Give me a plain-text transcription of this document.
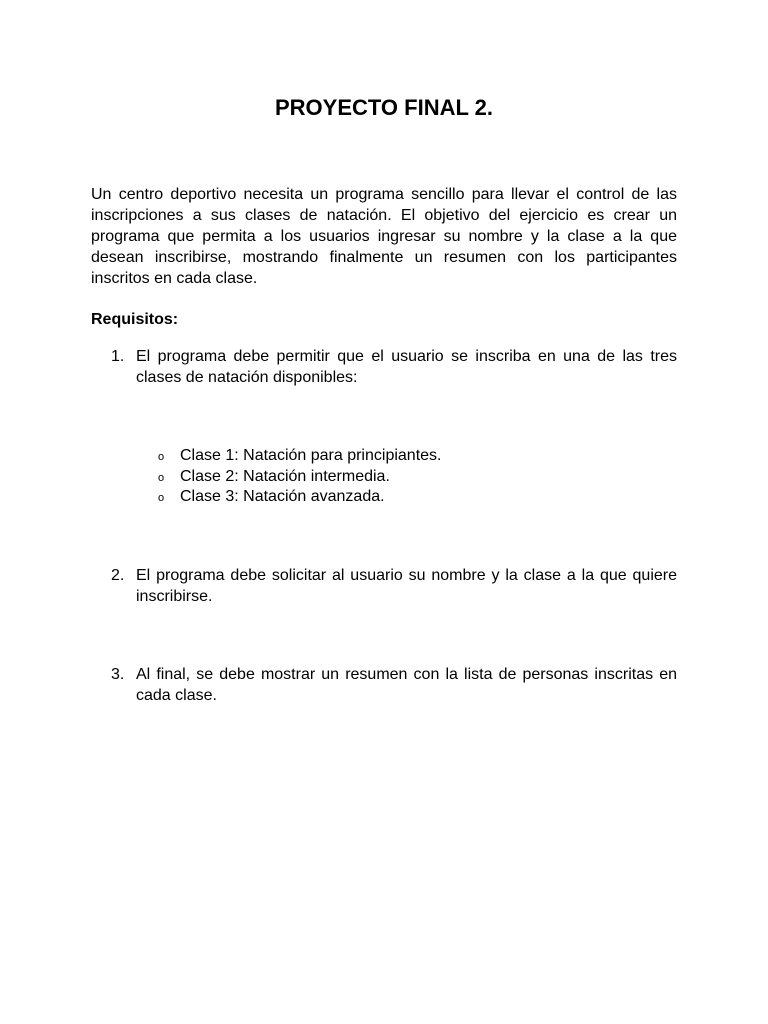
PROYECTO FINAL 2.

Un centro deportivo necesita un programa sencillo para llevar el control de las inscripciones a sus clases de natación. El objetivo del ejercicio es crear un programa que permita a los usuarios ingresar su nombre y la clase a la que desean inscribirse, mostrando finalmente un resumen con los participantes inscritos en cada clase.

Requisitos:

1. El programa debe permitir que el usuario se inscriba en una de las tres clases de natación disponibles:
o Clase 1: Natación para principiantes.
o Clase 2: Natación intermedia.
o Clase 3: Natación avanzada.
2. El programa debe solicitar al usuario su nombre y la clase a la que quiere inscribirse.
3. Al final, se debe mostrar un resumen con la lista de personas inscritas en cada clase.
